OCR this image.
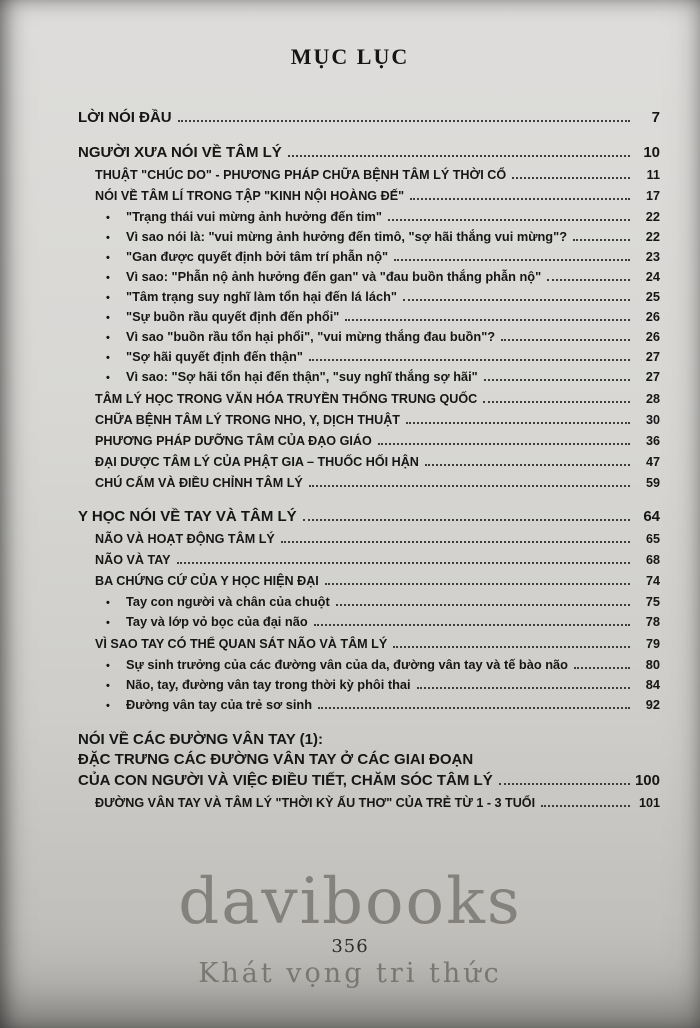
MỤC LỤC
LỜI NÓI ĐẦU	7
NGƯỜI XƯA NÓI VỀ TÂM LÝ	10
THUẬT "CHÚC DO" - PHƯƠNG PHÁP CHỮA BỆNH TÂM LÝ THỜI CỔ	11
NÓI VỀ TÂM LÍ TRONG TẬP "KINH NỘI HOÀNG ĐẾ"	17
•	"Trạng thái vui mừng ảnh hưởng đến tim"	22
•	Vì sao nói là: "vui mừng ảnh hưởng đến timô, "sợ hãi thắng vui mừng"?	22
•	"Gan được quyết định bởi tâm trí phẫn nộ"	23
•	Vì sao: "Phẫn nộ ảnh hưởng đến gan" và "đau buồn thắng phẫn nộ"	24
•	"Tâm trạng suy nghĩ làm tổn hại đến lá lách"	25
•	"Sự buồn rầu quyết định đến phổi"	26
•	Vì sao "buồn rầu tổn hại phổi", "vui mừng thắng đau buồn"?	26
•	"Sợ hãi quyết định đến thận"	27
•	Vì sao: "Sợ hãi tổn hại đến thận", "suy nghĩ thắng sợ hãi"	27
TÂM LÝ HỌC TRONG VĂN HÓA TRUYỀN THỐNG TRUNG QUỐC	28
CHỮA BỆNH TÂM LÝ TRONG NHO, Y, DỊCH THUẬT	30
PHƯƠNG PHÁP DƯỠNG TÂM CỦA ĐẠO GIÁO	36
ĐẠI DƯỢC TÂM LÝ CỦA PHẬT GIA – THUỐC HỐI HẬN	47
CHÚ CẤM VÀ ĐIỀU CHỈNH TÂM LÝ	59
Y HỌC NÓI VỀ TAY VÀ TÂM LÝ	64
NÃO VÀ HOẠT ĐỘNG TÂM LÝ	65
NÃO VÀ TAY	68
BA CHỨNG CỨ CỦA Y HỌC HIỆN ĐẠI	74
•	Tay con người và chân của chuột	75
•	Tay và lớp vỏ bọc của đại não	78
VÌ SAO TAY CÓ THỂ QUAN SÁT NÃO VÀ TÂM LÝ	79
•	Sự sinh trưởng của các đường vân của da, đường vân tay và tế bào não	80
•	Não, tay, đường vân tay trong thời kỳ phôi thai	84
•	Đường vân tay của trẻ sơ sinh	92
NÓI VỀ CÁC ĐƯỜNG VÂN TAY (1):
ĐẶC TRƯNG CÁC ĐƯỜNG VÂN TAY Ở CÁC GIAI ĐOẠN
CỦA CON NGƯỜI VÀ VIỆC ĐIỀU TIẾT, CHĂM SÓC TÂM LÝ	100
ĐƯỜNG VÂN TAY VÀ TÂM LÝ "THỜI KỲ ẤU THƠ" CỦA TRẺ TỪ 1 - 3 TUỔI	101
davibooks
356
Khát vọng tri thức
